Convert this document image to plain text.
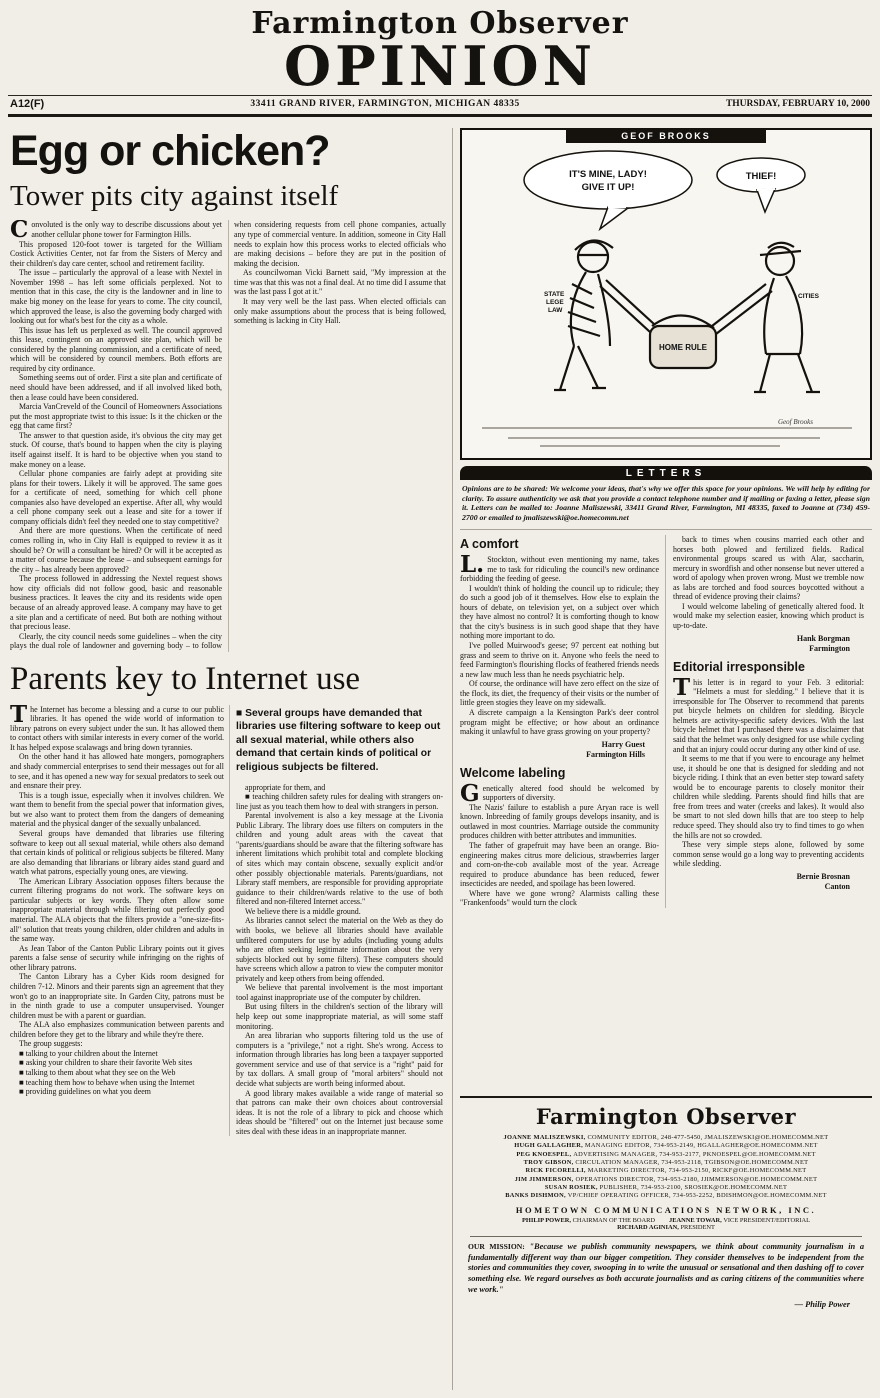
Farmington Observer
OPINION
A12(F)	33411 GRAND RIVER, FARMINGTON, MICHIGAN 48335	THURSDAY, FEBRUARY 10, 2000
Egg or chicken?
Tower pits city against itself

Convoluted is the only way to describe discussions about yet another cellular phone tower for Farmington Hills.

This proposed 120-foot tower is targeted for the William Costick Activities Center, not far from the Sisters of Mercy and their children's day care center, school and retirement facility.

The issue – particularly the approval of a lease with Nextel in November 1998 – has left some officials perplexed. Not to mention that in this case, the city is the landowner and in line to make big money on the lease for years to come. The city council, which approved the lease, is also the governing body charged with looking out for what's best for the city as a whole.

This issue has left us perplexed as well. The council approved this lease, contingent on an approved site plan, which will be considered by the planning commission, and a certificate of need, which will be considered by council members. Both efforts are required by city ordinance.

Something seems out of order. First a site plan and certificate of need should have been addressed, and if all involved liked both, then a lease could have been considered.

Marcia VanCreveld of the Council of Homeowners Associations put the most appropriate twist to this issue: Is it the chicken or the egg that came first?

The answer to that question aside, it's obvious the city may get stuck. Of course, that's bound to happen when the city is playing itself against itself. It is hard to be objective when you stand to make money on a lease.

Cellular phone companies are fairly adept at providing site plans for their towers. Likely it will be approved. The same goes for a certificate of need, something for which cell phone companies also have developed an expertise. After all, why would a cell phone company seek out a lease and site for a tower if company officials didn't feel they needed one to stay competitive?

And there are more questions. When the certificate of need comes rolling in, who in City Hall is equipped to review it as it should be? Or will a consultant be hired? Or will it be accepted as a matter of course because the lease – and subsequent earnings for the city – has already been approved?

The process followed in addressing the Nextel request shows how city officials did not follow good, basic and reasonable business practices. It leaves the city and its residents wide open because of an already approved lease. A company may have to get a site plan and a certificate of need. But both are nothing without that precious lease.

Clearly, the city council needs some guidelines – when the city plays the dual role of landowner and governing body – to follow when considering requests from cell phone companies, actually any type of commercial venture. In addition, someone in City Hall needs to explain how this process works to elected officials who are making decisions – before they are put in the position of making the decision.

As councilwoman Vicki Barnett said, "My impression at the time was that this was not a final deal. At no time did I assume that was the last pass I got at it."

It may very well be the last pass. When elected officials can only make assumptions about the process that is being followed, something is lacking in City Hall.

GEOF BROOKS
IT'S MINE, LADY!
GIVE IT UP!
THIEF!
STATE
LEGE
LAW
CITIES
HOME RULE
Geof Brooks
LETTERS

Opinions are to be shared: We welcome your ideas, that's why we offer this space for your opinions. We will help by editing for clarity. To assure authenticity we ask that you provide a contact telephone number and if mailing or faxing a letter, please sign it. Letters can be mailed to: Joanne Maliszewski, 33411 Grand River, Farmington, MI 48335, faxed to Joanne at (734) 459-2700 or emailed to jmaliszewski@oe.homecomm.net

A comfort

L.Stockton, without even mentioning my name, takes me to task for ridiculing the council's new ordinance forbidding the feeding of geese.

I wouldn't think of holding the council up to ridicule; they do such a good job of it themselves. How else to explain the hours of debate, on television yet, on a subject over which they have almost no control? It is comforting though to know that the city's business is in such good shape that they have nothing more important to do.

I've polled Muirwood's geese; 97 percent eat nothing but grass and seem to thrive on it. Anyone who feels the need to feed Farmington's flourishing flocks of feathered friends needs a new law much less than he needs psychiatric help.

Of course, the ordinance will have zero effect on the size of the flock, its diet, the frequency of their visits or the number of little green stogies they leave on my sidewalk.

A discrete campaign a la Kensington Park's deer control program might be effective; or how about an ordinance making it unlawful to have grass growing on your property?

Harry Guest
Farmington Hills

Welcome labeling

Genetically altered food should be welcomed by supporters of diversity.

The Nazis' failure to establish a pure Aryan race is well known. Inbreeding of family groups develops insanity, and is outlawed in most countries. Marriage outside the community produces children with better attributes and immunities.

The father of grapefruit may have been an orange. Bio-engineering makes citrus more delicious, strawberries larger and corn-on-the-cob available most of the year. Acreage required to produce abundance has been reduced, fewer insecticides are needed, and spoilage has been lowered.

Where have we gone wrong? Alarmists calling these "Frankenfoods" would turn the clock

back to times when cousins married each other and horses both plowed and fertilized fields. Radical environmental groups scared us with Alar, saccharin, mercury in swordfish and other nonsense but never uttered a word of apology when proven wrong. Must we tremble now as labs are torched and food sources boycotted without a thread of evidence proving their claims?

I would welcome labeling of genetically altered food. It would make my selection easier, knowing which product is up-to-date.

Hank Borgman
Farmington

Editorial irresponsible

This letter is in regard to your Feb. 3 editorial: "Helmets a must for sledding." I believe that it is irresponsible for The Observer to recommend that parents put bicycle helmets on children for sledding. Bicycle helmets are activity-specific safety devices. With the last bicycle helmet that I purchased there was a disclaimer that said that the helmet was only designed for use while cycling and that an injury could occur during any other kind of use.

It seems to me that if you were to encourage any helmet use, it should be one that is designed for sledding and not bicycle riding. I think that an even better step toward safety would be to encourage parents to closely monitor their children while sledding. Parents should find hills that are free from trees and water (creeks and lakes). It would also be smart to not sled down hills that are too steep to help reduce speed. They should also try to find times to go when the hills are not so crowded.

These very simple steps alone, followed by some common sense would go a long way to preventing accidents while sledding.

Bernie Brosnan
Canton

Parents key to Internet use

The Internet has become a blessing and a curse to our public libraries. It has opened the wide world of information to library patrons on every subject under the sun. It has allowed them to contact others with similar interests in every corner of the world. It has helped expose scalawags and bring down tyrannies.

On the other hand it has allowed hate mongers, pornographers and shady commercial enterprises to send their messages out for all to see, and it has opened a new way for sexual predators to seek out and ensnare their prey.

This is a tough issue, especially when it involves children. We want them to benefit from the special power that information gives, but we also want to protect them from the dangers of demeaning material and the physical danger of the sexually unbalanced.

Several groups have demanded that libraries use filtering software to keep out all sexual material, while others also demand that certain kinds of political or religious subjects be filtered. Many are also demanding that librarians or library aides stand guard and watch what patrons, especially young ones, are viewing.

The American Library Association opposes filters because the current filtering programs do not work. The software keys on particular subjects or key words. They often allow some inappropriate material through while filtering out perfectly good material. The ALA objects that the filters provide a "one-size-fits-all" solution that treats young children, older children and adults in the same way.

As Jean Tabor of the Canton Public Library points out it gives parents a false sense of security while infringing on the rights of other library patrons.

The Canton Library has a Cyber Kids room designed for children 7-12. Minors and their parents sign an agreement that they won't go to an inappropriate site. In Garden City, patrons must be in the ninth grade to use a computer unsupervised. Younger children must be with a parent or guardian.

The ALA also emphasizes communication between parents and children before they get to the library and while they're there.

The group suggests:

■ talking to your children about the Internet

■ asking your children to share their favorite Web sites

■ talking to them about what they see on the Web

■ teaching them how to behave when using the Internet

■ providing guidelines on what you deem

■ Several groups have demanded that libraries use filtering software to keep out all sexual material, while others also demand that certain kinds of political or religious subjects be filtered.

appropriate for them, and

■ teaching children safety rules for dealing with strangers on-line just as you teach them how to deal with strangers in person.

Parental involvement is also a key message at the Livonia Public Library. The library does use filters on computers in the children and young adult areas with the caveat that "parents/guardians should be aware that the filtering software has inherent limitations which prohibit total and complete blocking of sites which may contain obscene, sexually explicit and/or other possibly objectionable materials. Parents/guardians, not Library staff members, are responsible for providing appropriate guidance to their children/wards relative to the use of both filtered and non-filtered Internet access."

We believe there is a middle ground.

As libraries cannot select the material on the Web as they do with books, we believe all libraries should have available unfiltered computers for use by adults (including young adults who are often seeking legitimate information about the very subjects blocked out by some filters). These computers should have screens which allow a patron to view the computer monitor privately and keep others from being offended.

We believe that parental involvement is the most important tool against inappropriate use of the computer by children.

But using filters in the children's section of the library will help keep out some inappropriate material, as will some staff monitoring.

An area librarian who supports filtering told us the use of computers is a "privilege," not a right. She's wrong. Access to information through libraries has long been a taxpayer supported government service and use of that service is a "right" paid for by tax dollars. A small group of "moral arbiters" should not decide what subjects are worth being informed about.

A good library makes available a wide range of material so that patrons can make their own choices about controversial ideas. It is not the role of a library to pick and choose which ideas should be "filtered" out on the Internet just because some sites deal with these ideas in an inappropriate manner.

Farmington Observer
JOANNE MALISZEWSKI, COMMUNITY EDITOR, 248-477-5450, JMALISZEWSKI@OE.HOMECOMM.NET
HUGH GALLAGHER, MANAGING EDITOR, 734-953-2149, HGALLAGHER@OE.HOMECOMM.NET
PEG KNOESPEL, ADVERTISING MANAGER, 734-953-2177, PKNOESPEL@OE.HOMECOMM.NET
TROY GIBSON, CIRCULATION MANAGER, 734-953-2118, TGIBSON@OE.HOMECOMM.NET
RICK FICORELLI, MARKETING DIRECTOR, 734-953-2150, RICKF@OE.HOMECOMM.NET
JIM JIMMERSON, OPERATIONS DIRECTOR, 734-953-2180, JJIMMERSON@OE.HOMECOMM.NET
SUSAN ROSIEK, PUBLISHER, 734-953-2100, SROSIEK@OE.HOMECOMM.NET
BANKS DISHMON, VP/CHIEF OPERATING OFFICER, 734-953-2252, BDISHMON@OE.HOMECOMM.NET
HOMETOWN COMMUNICATIONS NETWORK, INC.
PHILIP POWER, CHAIRMAN OF THE BOARD JEANNE TOWAR, VICE PRESIDENT/EDITORIAL
RICHARD AGINIAN, PRESIDENT

OUR MISSION: "Because we publish community newspapers, we think about community journalism in a fundamentally different way than our bigger competition. They consider themselves to be independent from the stories and communities they cover, swooping in to write the unusual or sensational and then dashing off to cover something else. We regard ourselves as both accurate journalists and as caring citizens of the communities where we work."

— Philip Power
